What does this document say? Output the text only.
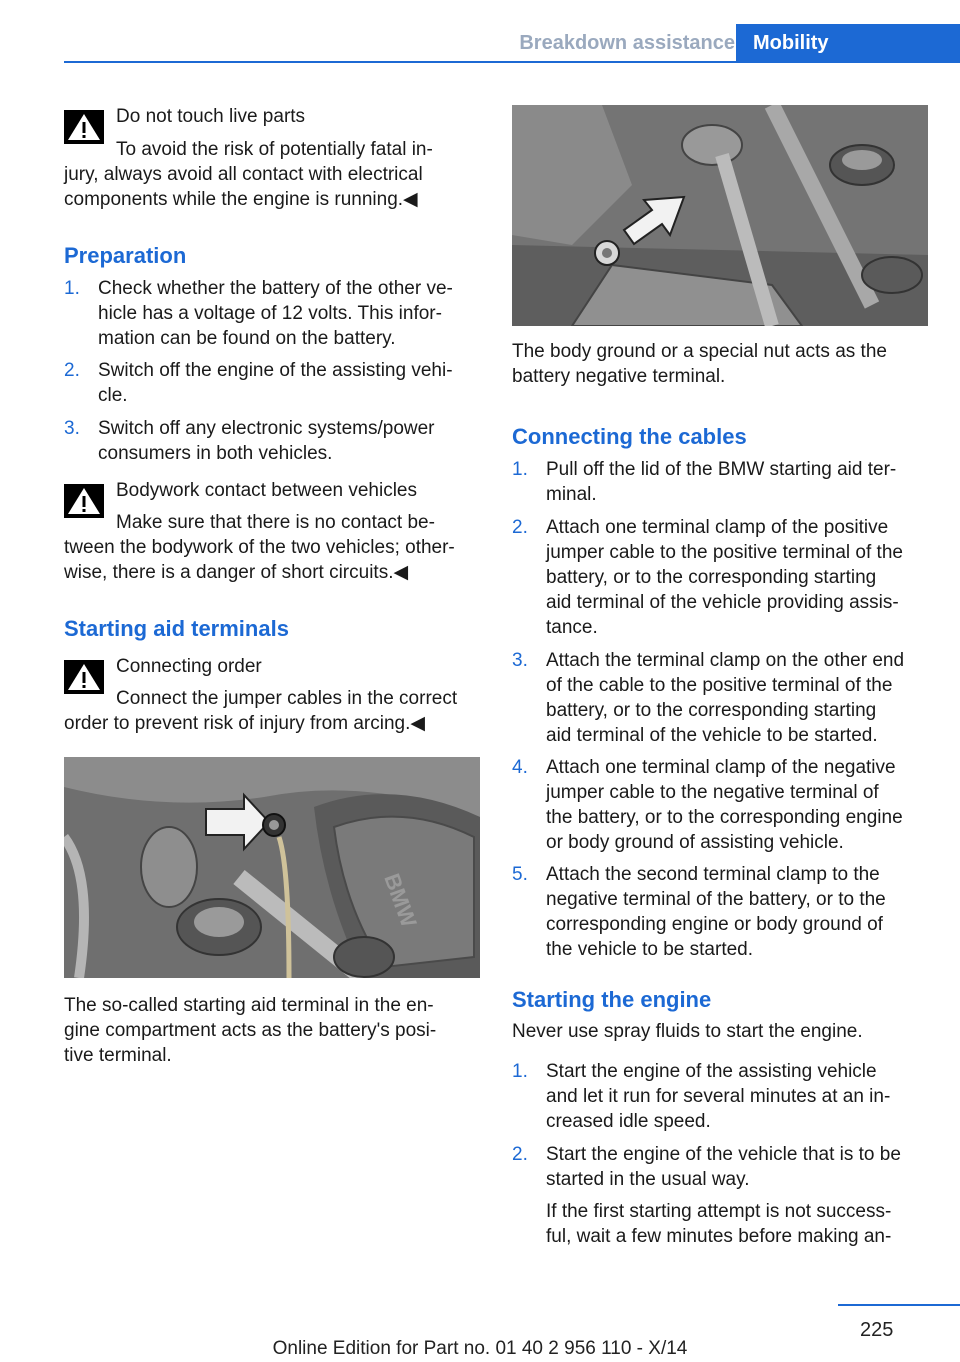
Breakdown assistance Mobility
Do not touch live parts
To avoid the risk of potentially fatal in-
jury, always avoid all contact with electrical
components while the engine is running.◀
Preparation
1. Check whether the battery of the other ve-
hicle has a voltage of 12 volts. This infor-
mation can be found on the battery.
2. Switch off the engine of the assisting vehi-
cle.
3. Switch off any electronic systems/power
consumers in both vehicles.
Bodywork contact between vehicles
Make sure that there is no contact be-
tween the bodywork of the two vehicles; other-
wise, there is a danger of short circuits.◀
Starting aid terminals
Connecting order
Connect the jumper cables in the correct
order to prevent risk of injury from arcing.◀
BMW
The so-called starting aid terminal in the en-
gine compartment acts as the battery's posi-
tive terminal.
The body ground or a special nut acts as the
battery negative terminal.
Connecting the cables
1. Pull off the lid of the BMW starting aid ter-
minal.
2. Attach one terminal clamp of the positive
jumper cable to the positive terminal of the
battery, or to the corresponding starting
aid terminal of the vehicle providing assis-
tance.
3. Attach the terminal clamp on the other end
of the cable to the positive terminal of the
battery, or to the corresponding starting
aid terminal of the vehicle to be started.
4. Attach one terminal clamp of the negative
jumper cable to the negative terminal of
the battery, or to the corresponding engine
or body ground of assisting vehicle.
5. Attach the second terminal clamp to the
negative terminal of the battery, or to the
corresponding engine or body ground of
the vehicle to be started.
Starting the engine
Never use spray fluids to start the engine.
1. Start the engine of the assisting vehicle
and let it run for several minutes at an in-
creased idle speed.
2. Start the engine of the vehicle that is to be
started in the usual way.
If the first starting attempt is not success-
ful, wait a few minutes before making an-
225
Online Edition for Part no. 01 40 2 956 110 - X/14
